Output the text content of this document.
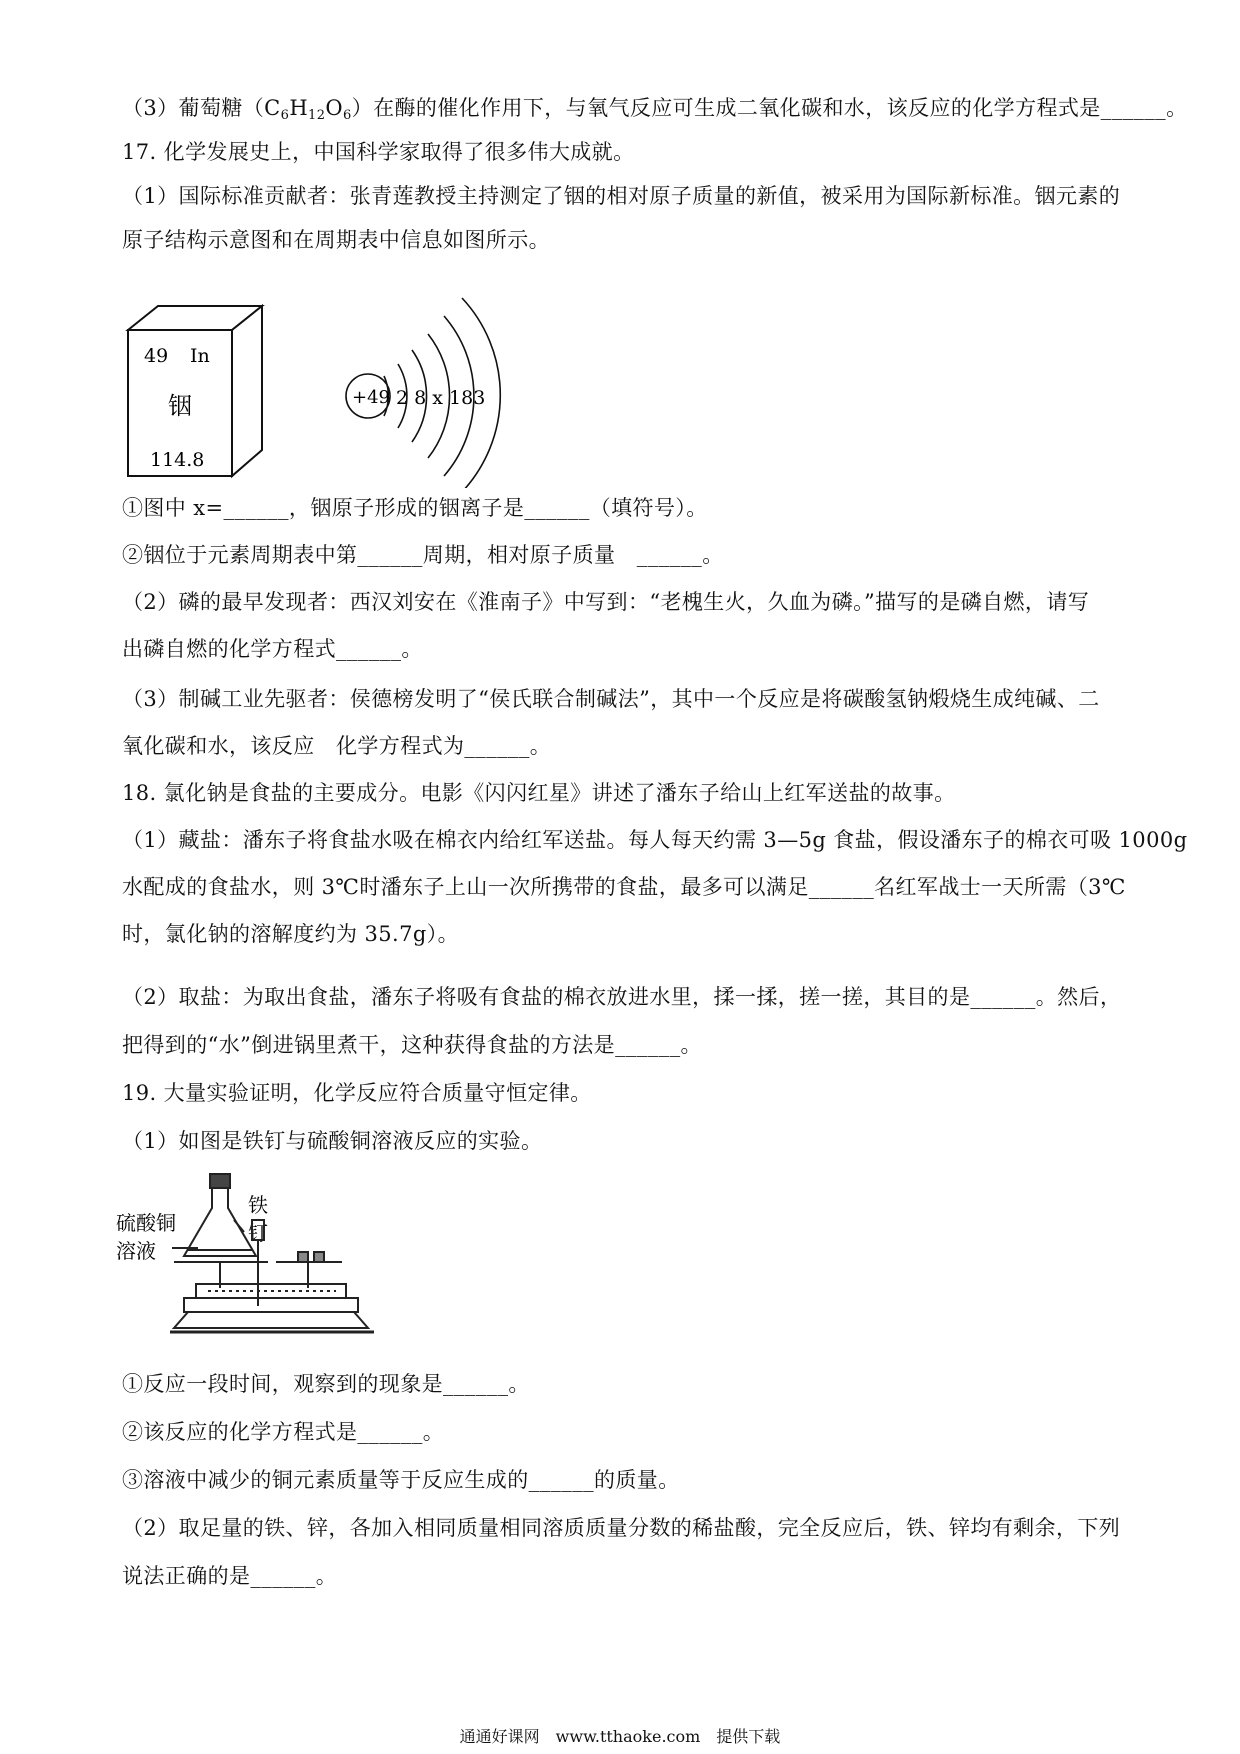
（3）葡萄糖$(C_6H_{12}O_6)$在酶的催化作用下，与氧气反应可生成二氧化碳和水，该反应的化学方程式是______。
17. 化学发展史上，中国科学家取得了很多伟大成就。
（1）国际标准贡献者：张青莲教授主持测定了铟的相对原子质量的新值，被采用为国际新标准。铟元素的
原子结构示意图和在周期表中信息如图所示。
49 In
铟
114.8
+49 2 8 x 183
①图中 x=______，铟原子形成的铟离子是______（填符号）。
②铟位于元素周期表中第______周期，相对原子质量　______。
（2）磷的最早发现者：西汉刘安在《淮南子》中写到：“老槐生火，久血为磷。”描写的是磷自燃，请写
出磷自燃的化学方程式______。
（3）制碱工业先驱者：侯德榜发明了“侯氏联合制碱法”，其中一个反应是将碳酸氢钠煅烧生成纯碱、二
氧化碳和水，该反应　化学方程式为______。
18. 氯化钠是食盐的主要成分。电影《闪闪红星》讲述了潘东子给山上红军送盐的故事。
（1）藏盐：潘东子将食盐水吸在棉衣内给红军送盐。每人每天约需 3—5g 食盐，假设潘东子的棉衣可吸 1000g
水配成的食盐水，则 3℃时潘东子上山一次所携带的食盐，最多可以满足______名红军战士一天所需（3℃
时，氯化钠的溶解度约为 35.7g）。
（2）取盐：为取出食盐，潘东子将吸有食盐的棉衣放进水里，揉一揉，搓一搓，其目的是______。然后，
把得到的“水”倒进锅里煮干，这种获得食盐的方法是______。
19. 大量实验证明，化学反应符合质量守恒定律。
（1）如图是铁钉与硫酸铜溶液反应的实验。
硫酸铜
溶液
铁
钉
①反应一段时间，观察到的现象是______。
②该反应的化学方程式是______。
③溶液中减少的铜元素质量等于反应生成的______的质量。
（2）取足量的铁、锌，各加入相同质量相同溶质质量分数的稀盐酸，完全反应后，铁、锌均有剩余，下列
说法正确的是______。
通通好课网　www.tthaoke.com　提供下载
